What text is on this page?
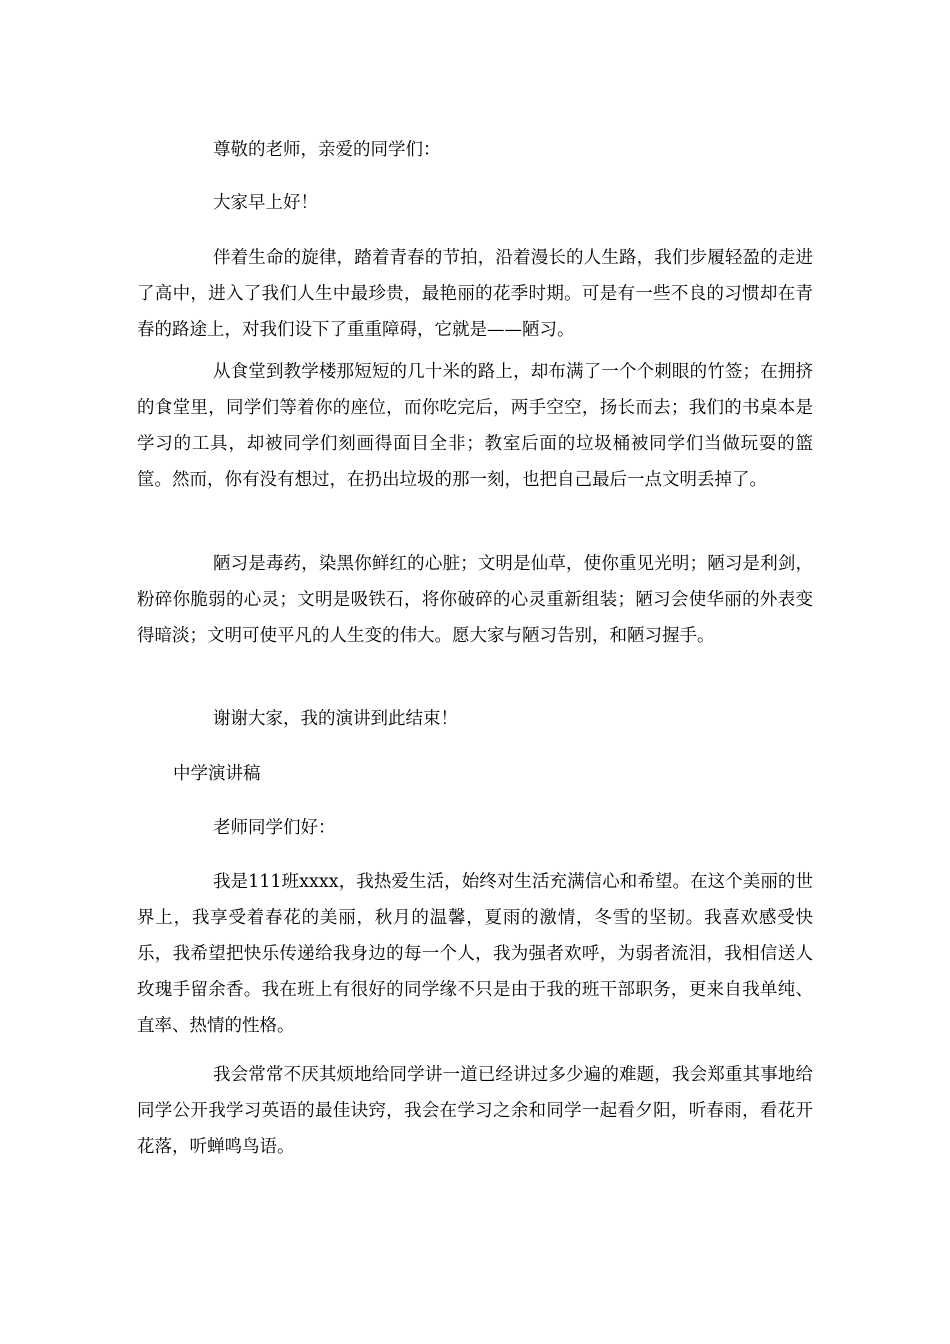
尊敬的老师，亲爱的同学们：

大家早上好！

伴着生命的旋律，踏着青春的节拍，沿着漫长的人生路，我们步履轻盈的走进了高中，进入了我们人生中最珍贵，最艳丽的花季时期。可是有一些不良的习惯却在青春的路途上，对我们设下了重重障碍，它就是——陋习。

从食堂到教学楼那短短的几十米的路上，却布满了一个个刺眼的竹签；在拥挤的食堂里，同学们等着你的座位，而你吃完后，两手空空，扬长而去；我们的书桌本是学习的工具，却被同学们刻画得面目全非；教室后面的垃圾桶被同学们当做玩耍的篮筐。然而，你有没有想过，在扔出垃圾的那一刻，也把自己最后一点文明丢掉了。

陋习是毒药，染黑你鲜红的心脏；文明是仙草，使你重见光明；陋习是利剑，粉碎你脆弱的心灵；文明是吸铁石，将你破碎的心灵重新组装；陋习会使华丽的外表变得暗淡；文明可使平凡的人生变的伟大。愿大家与陋习告别，和陋习握手。

谢谢大家，我的演讲到此结束！

中学演讲稿

老师同学们好：

我是111班xxxx，我热爱生活，始终对生活充满信心和希望。在这个美丽的世界上，我享受着春花的美丽，秋月的温馨，夏雨的激情，冬雪的坚韧。我喜欢感受快乐，我希望把快乐传递给我身边的每一个人，我为强者欢呼，为弱者流泪，我相信送人玫瑰手留余香。我在班上有很好的同学缘不只是由于我的班干部职务，更来自我单纯、直率、热情的性格。

我会常常不厌其烦地给同学讲一道已经讲过多少遍的难题，我会郑重其事地给同学公开我学习英语的最佳诀窍，我会在学习之余和同学一起看夕阳，听春雨，看花开花落，听蝉鸣鸟语。
